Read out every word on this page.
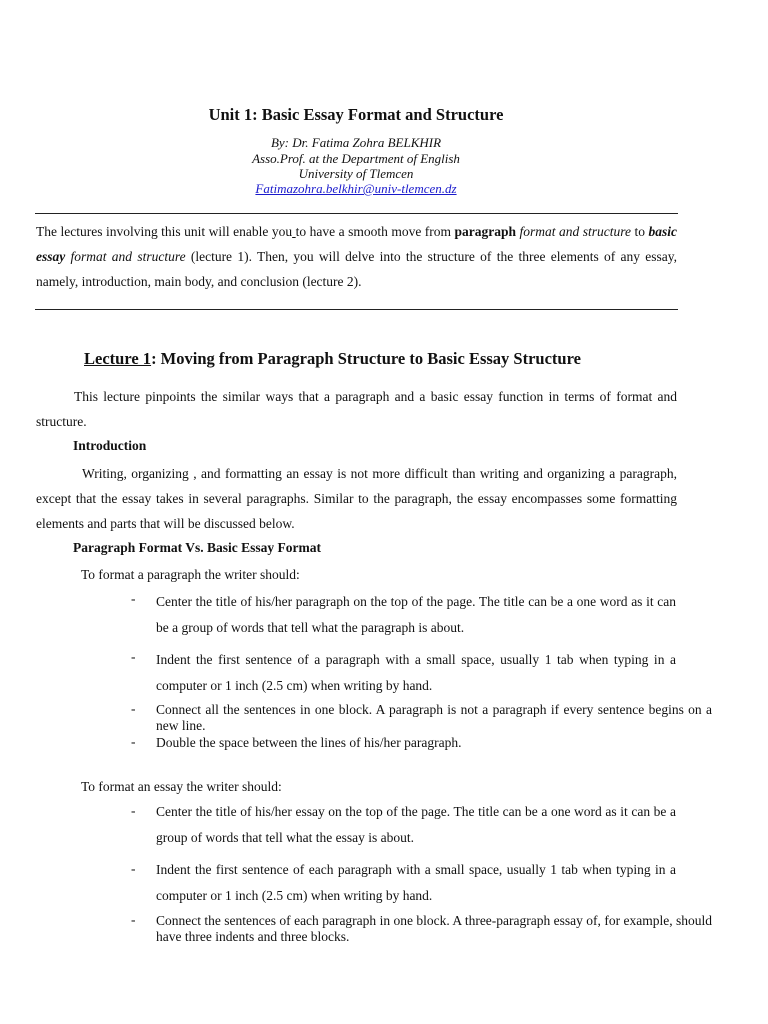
Unit 1: Basic Essay Format and Structure
By: Dr. Fatima Zohra BELKHIR
Asso.Prof. at the Department of English
University of Tlemcen
Fatimazohra.belkhir@univ-tlemcen.dz
The lectures involving this unit will enable you to have a smooth move from paragraph format and structure to basic essay format and structure (lecture 1). Then, you will delve into the structure of the three elements of any essay, namely, introduction, main body, and conclusion (lecture 2).
Lecture 1: Moving from Paragraph Structure to Basic Essay Structure
This lecture pinpoints the similar ways that a paragraph and a basic essay function in terms of format and structure.
Introduction
Writing, organizing , and formatting an essay is not more difficult than writing and organizing a paragraph, except that the essay takes in several paragraphs. Similar to the paragraph, the essay encompasses some formatting elements and parts that will be discussed below.
Paragraph Format Vs. Basic Essay Format
To format a paragraph the writer should:
- Center the title of his/her paragraph on the top of the page. The title can be a one word as it can be a group of words that tell what the paragraph is about.
- Indent the first sentence of a paragraph with a small space, usually 1 tab when typing in a computer or 1 inch (2.5 cm) when writing by hand.
- Connect all the sentences in one block. A paragraph is not a paragraph if every sentence begins on a new line.
- Double the space between the lines of his/her paragraph.
To format an essay the writer should:
- Center the title of his/her essay on the top of the page. The title can be a one word as it can be a group of words that tell what the essay is about.
- Indent the first sentence of each paragraph with a small space, usually 1 tab when typing in a computer or 1 inch (2.5 cm) when writing by hand.
- Connect the sentences of each paragraph in one block. A three-paragraph essay of, for example, should have three indents and three blocks.
